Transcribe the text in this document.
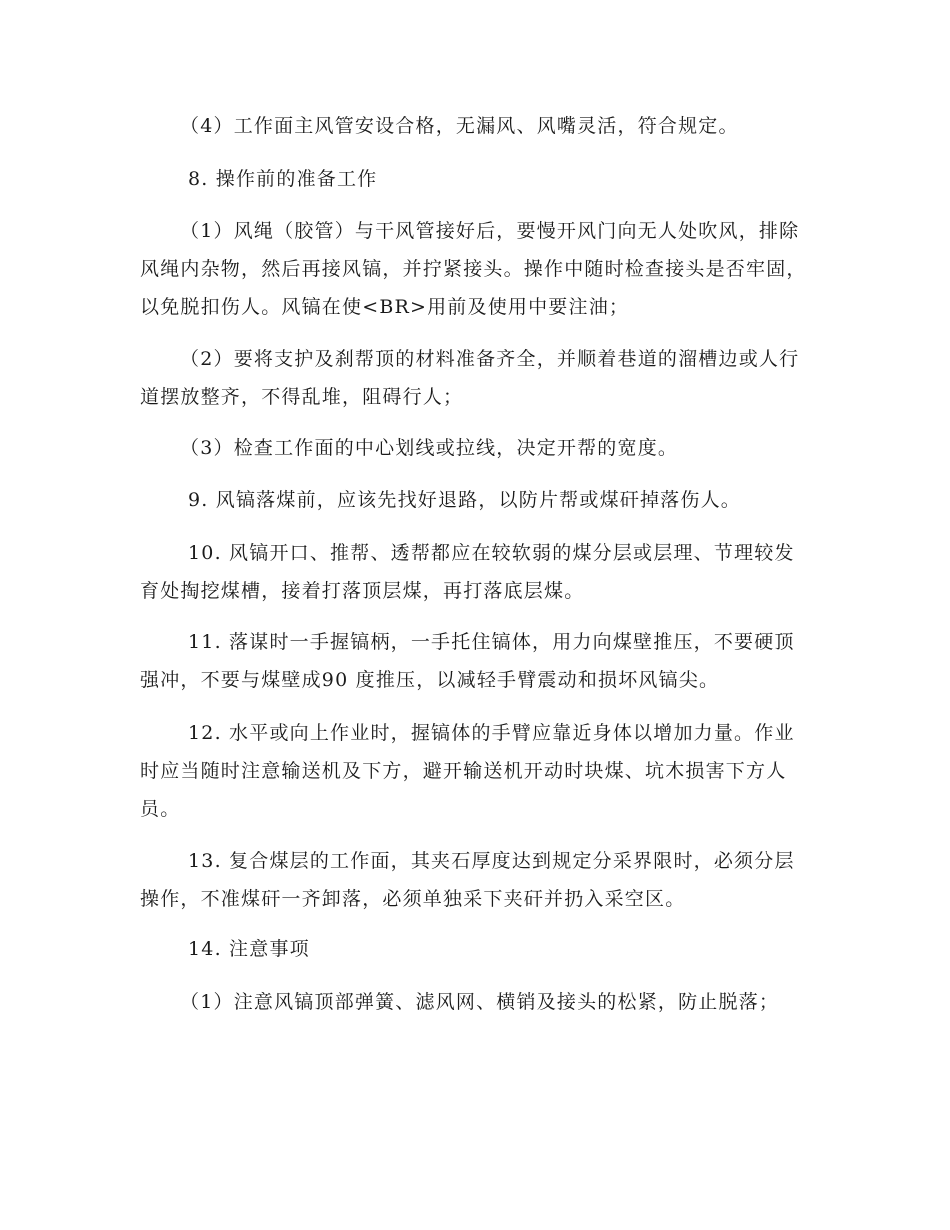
（4）工作面主风管安设合格，无漏风、风嘴灵活，符合规定。

8. 操作前的准备工作

（1）风绳（胶管）与干风管接好后，要慢开风门向无人处吹风，排除风绳内杂物，然后再接风镐，并拧紧接头。操作中随时检查接头是否牢固，以免脱扣伤人。风镐在使<BR>用前及使用中要注油；

（2）要将支护及刹帮顶的材料准备齐全，并顺着巷道的溜槽边或人行道摆放整齐，不得乱堆，阻碍行人；

（3）检查工作面的中心划线或拉线，决定开帮的宽度。

9. 风镐落煤前，应该先找好退路，以防片帮或煤矸掉落伤人。

10. 风镐开口、推帮、透帮都应在较软弱的煤分层或层理、节理较发育处掏挖煤槽，接着打落顶层煤，再打落底层煤。

11. 落谋时一手握镐柄，一手托住镐体，用力向煤壁推压，不要硬顶强冲，不要与煤壁成90 度推压，以减轻手臂震动和损坏风镐尖。

12. 水平或向上作业时，握镐体的手臂应靠近身体以增加力量。作业时应当随时注意输送机及下方，避开输送机开动时块煤、坑木损害下方人员。

13. 复合煤层的工作面，其夹石厚度达到规定分采界限时，必须分层操作，不准煤矸一齐卸落，必须单独采下夹矸并扔入采空区。

14. 注意事项

（1）注意风镐顶部弹簧、滤风网、横销及接头的松紧，防止脱落；
